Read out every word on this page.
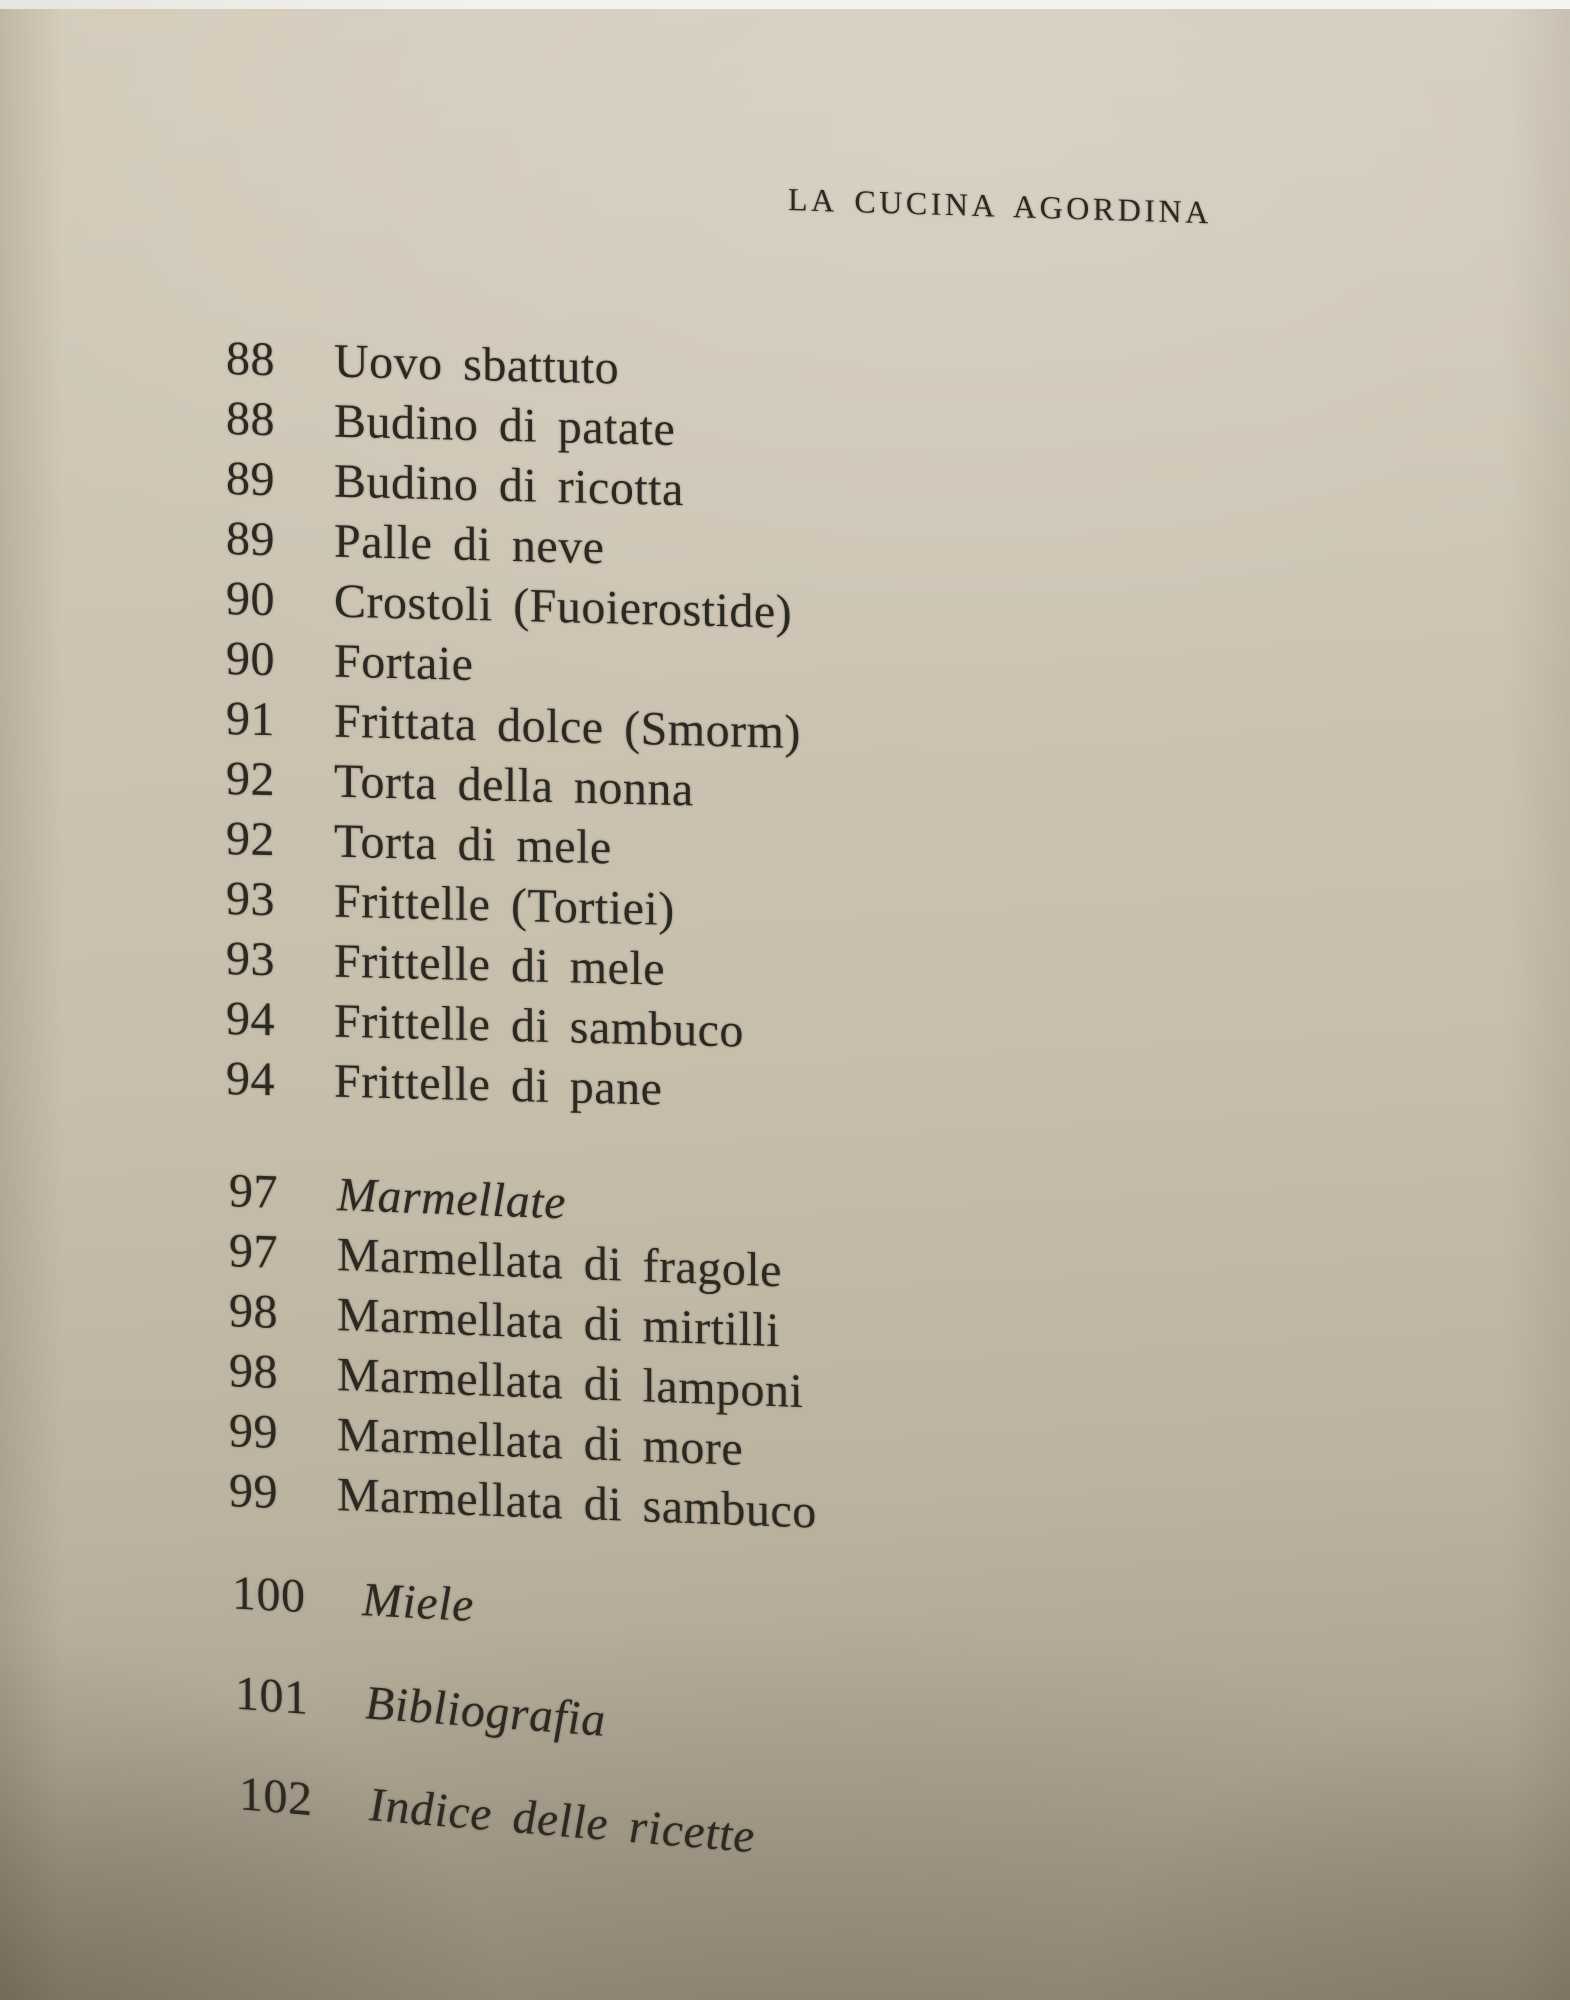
LA CUCINA AGORDINA
88	Uovo sbattuto
88	Budino di patate
89	Budino di ricotta
89	Palle di neve
90	Crostoli (Fuoierostide)
90	Fortaie
91	Frittata dolce (Smorm)
92	Torta della nonna
92	Torta di mele
93	Frittelle (Tortiei)
93	Frittelle di mele
94	Frittelle di sambuco
94	Frittelle di pane
97	Marmellate
97	Marmellata di fragole
98	Marmellata di mirtilli
98	Marmellata di lamponi
99	Marmellata di more
99	Marmellata di sambuco
100	Miele
101	Bibliografia
102	Indice delle ricette
